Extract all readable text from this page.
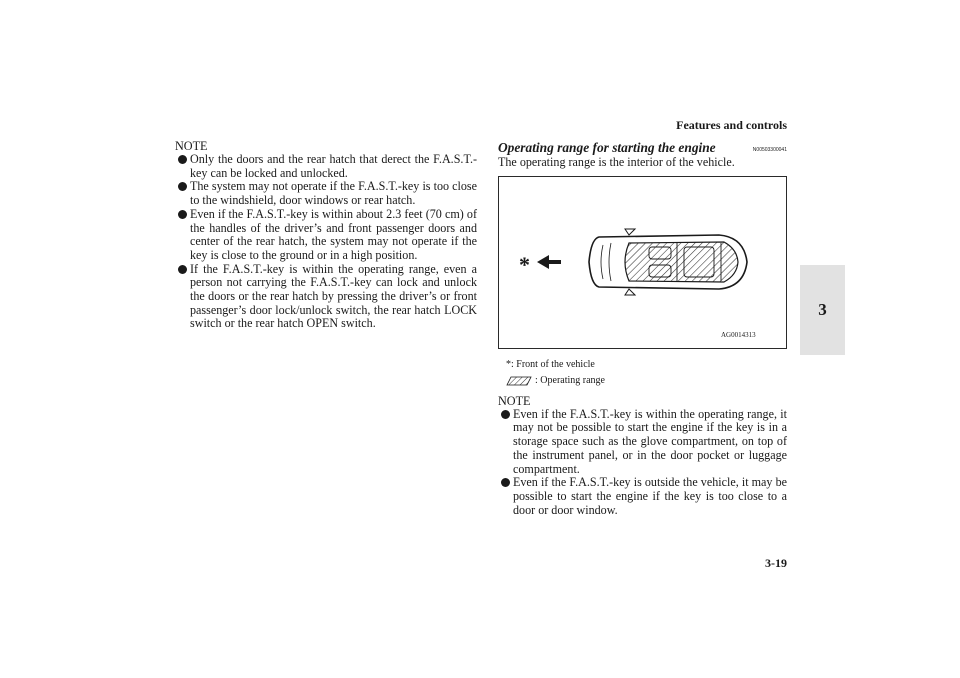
Features and controls
3
NOTE
Only the doors and the rear hatch that derect the F.A.S.T.-key can be locked and unlocked.
The system may not operate if the F.A.S.T.-key is too close to the windshield, door windows or rear hatch.
Even if the F.A.S.T.-key is within about 2.3 feet (70 cm) of the handles of the driver’s and front passenger doors and center of the rear hatch, the system may not operate if the key is close to the ground or in a high position.
If the F.A.S.T.-key is within the operating range, even a person not carrying the F.A.S.T.-key can lock and unlock the doors or the rear hatch by pressing the driver’s or front passenger’s door lock/unlock switch, the rear hatch LOCK switch or the rear hatch OPEN switch.
Operating range for starting the engine	N00503300041
The operating range is the interior of the vehicle.
*
AG0014313
*: Front of the vehicle
: Operating range
NOTE
Even if the F.A.S.T.-key is within the operating range, it may not be possible to start the engine if the key is in a storage space such as the glove compartment, on top of the instrument panel, or in the door pocket or luggage compartment.
Even if the F.A.S.T.-key is outside the vehicle, it may be possible to start the engine if the key is too close to a door or door window.
3-19
